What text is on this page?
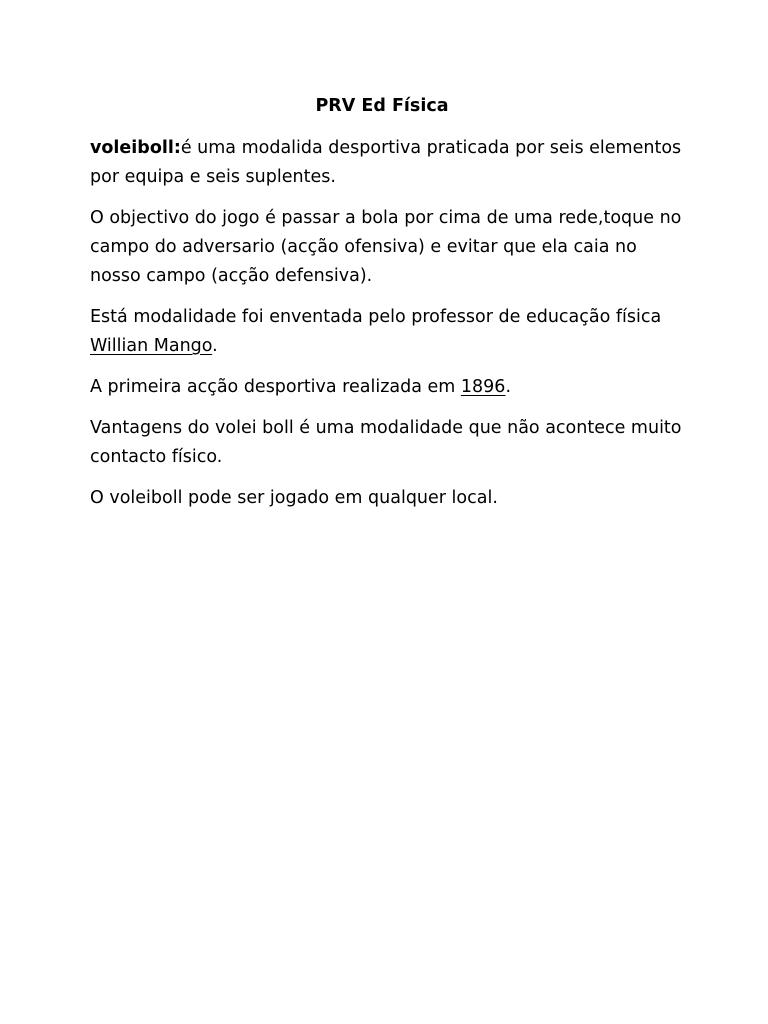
PRV Ed Física

voleiboll:é uma modalida desportiva praticada por seis elementos por equipa e seis suplentes.

O objectivo do jogo é passar a bola por cima de uma rede,toque no campo do adversario (acção ofensiva) e evitar que ela caia no nosso campo (acção defensiva).

Está modalidade foi enventada pelo professor de educação física Willian Mango.

A primeira acção desportiva realizada em 1896.

Vantagens do volei boll é uma modalidade que não acontece muito contacto físico.

O voleiboll pode ser jogado em qualquer local.
